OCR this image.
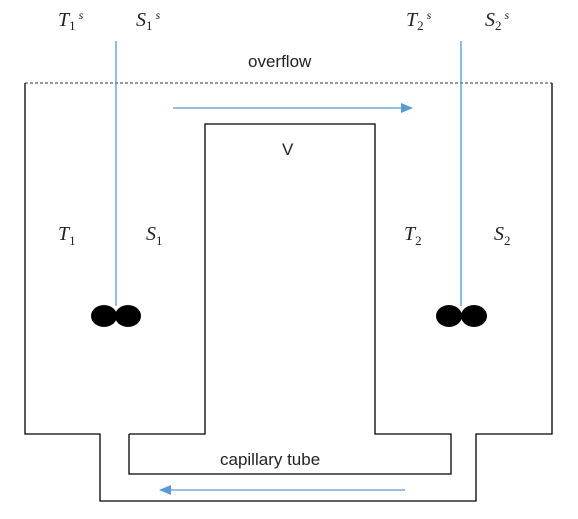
overflow
V
capillary tube
$T_1^s$	$S_1^s$	$T_2^s$	$S_2^s$
$T_1$	$S_1$	$T_2$	$S_2$
